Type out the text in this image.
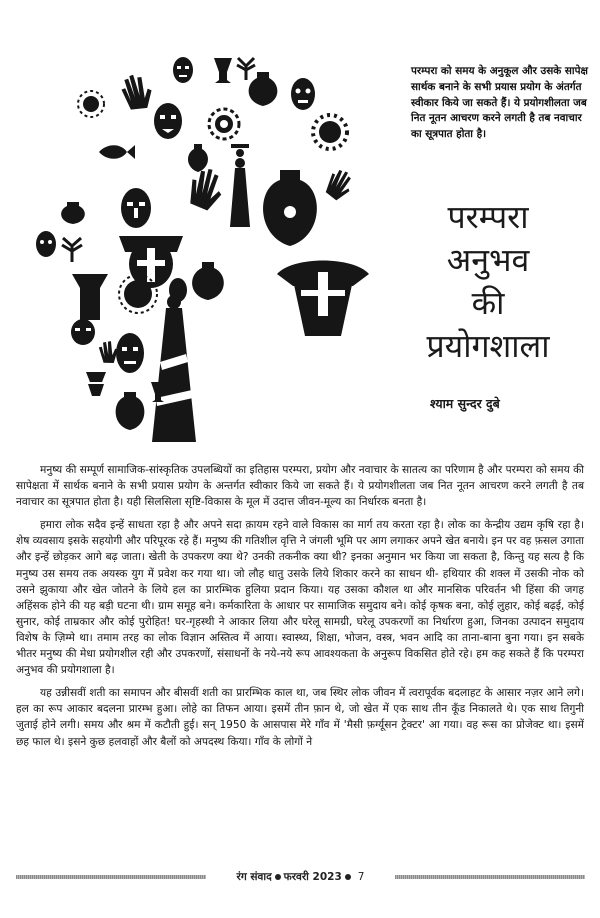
परम्परा को समय के अनुकूल और उसके सापेक्ष सार्थक बनाने के सभी प्रयास प्रयोग के अंतर्गत स्वीकार किये जा सकते हैं। ये प्रयोगशीलता जब नित नूतन आचरण करने लगती है तब नवाचार का सूत्रपात होता है।

परम्परा
अनुभव
की
प्रयोगशाला

श्याम सुन्दर दुबे

मनुष्य की सम्पूर्ण सामाजिक-सांस्कृतिक उपलब्धियों का इतिहास परम्परा, प्रयोग और नवाचार के सातत्य का परिणाम है और परम्परा को समय की सापेक्षता में सार्थक बनाने के सभी प्रयास प्रयोग के अन्तर्गत स्वीकार किये जा सकते हैं। ये प्रयोगशीलता जब नित नूतन आचरण करने लगती है तब नवाचार का सूत्रपात होता है। यही सिलसिला सृष्टि-विकास के मूल में उदात्त जीवन-मूल्य का निर्धारक बनता है।

हमारा लोक सदैव इन्हें साधता रहा है और अपने सदा क़ायम रहने वाले विकास का मार्ग तय करता रहा है। लोक का केन्द्रीय उद्यम कृषि रहा है। शेष व्यवसाय इसके सहयोगी और परिपूरक रहे हैं। मनुष्य की गतिशील वृत्ति ने जंगली भूमि पर आग लगाकर अपने खेत बनाये। इन पर वह फ़सल उगाता और इन्हें छोड़कर आगे बढ़ जाता। खेती के उपकरण क्या थे? उनकी तकनीक क्या थी? इनका अनुमान भर किया जा सकता है, किन्तु यह सत्य है कि मनुष्य उस समय तक अयस्क युग में प्रवेश कर गया था। जो लौह धातु उसके लिये शिकार करने का साधन थी- हथियार की शक्ल में उसकी नोक को उसने झुकाया और खेत जोतने के लिये हल का प्रारम्भिक हुलिया प्रदान किया। यह उसका कौशल था और मानसिक परिवर्तन भी हिंसा की जगह अहिंसक होने की यह बड़ी घटना थी। ग्राम समूह बने। कर्मकारिता के आधार पर सामाजिक समुदाय बने। कोई कृषक बना, कोई लुहार, कोई बढ़ई, कोई सुनार, कोई ताम्रकार और कोई पुरोहित! घर-गृहस्थी ने आकार लिया और घरेलू सामग्री, घरेलू उपकरणों का निर्धारण हुआ, जिनका उत्पादन समुदाय विशेष के ज़िम्मे था। तमाम तरह का लोक विज्ञान अस्तित्व में आया। स्वास्थ्य, शिक्षा, भोजन, वस्त्र, भवन आदि का ताना-बाना बुना गया। इन सबके भीतर मनुष्य की मेधा प्रयोगशील रही और उपकरणों, संसाधनों के नये-नये रूप आवश्यकता के अनुरूप विकसित होते रहे। हम कह सकते हैं कि परम्परा अनुभव की प्रयोगशाला है।

यह उन्नीसवीं शती का समापन और बीसवीं शती का प्रारम्भिक काल था, जब स्थिर लोक जीवन में त्वरापूर्वक बदलाहट के आसार नज़र आने लगे। हल का रूप आकार बदलना प्रारम्भ हुआ। लोहे का तिफन आया। इसमें तीन फ़ान थे, जो खेत में एक साथ तीन कूँड निकालते थे। एक साथ तिगुनी जुताई होने लगी। समय और श्रम में कटौती हुई। सन् 1950 के आसपास मेरे गाँव में 'मैसी फ़र्ग्यूसन ट्रेक्टर' आ गया। वह रूस का प्रोजेक्ट था। इसमें छह फाल थे। इसने कुछ हलवाहों और बैलों को अपदस्थ किया। गाँव के लोगों ने

रंग संवाद फरवरी 2023 7
